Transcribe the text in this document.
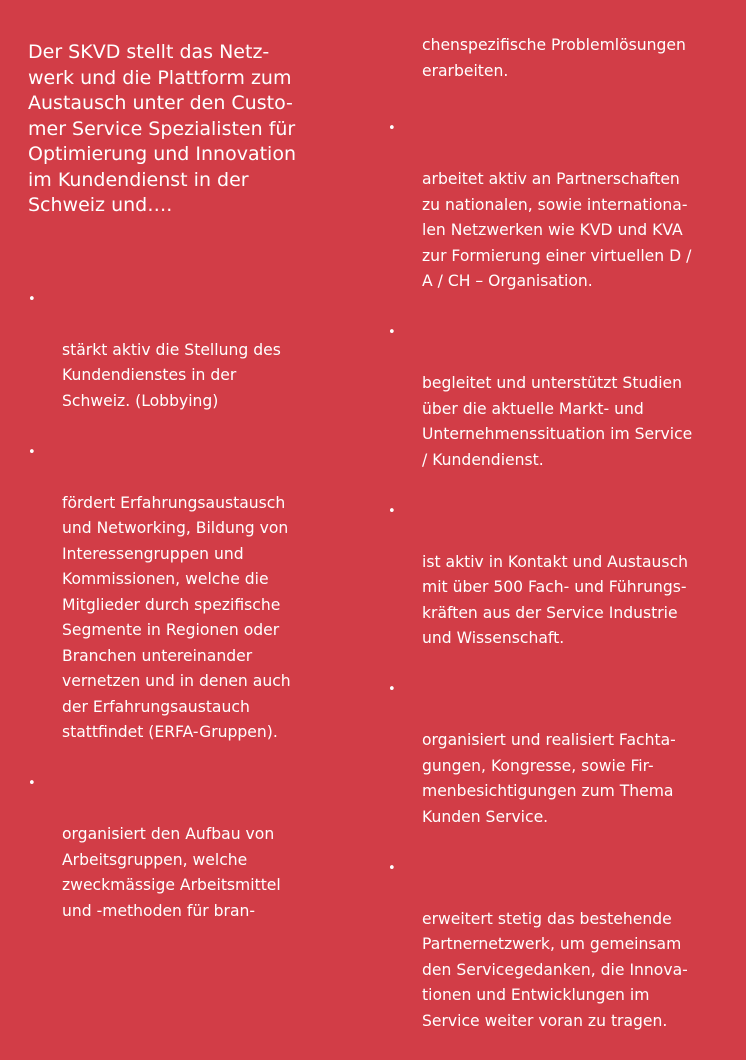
Der SKVD stellt das Netz-
werk und die Plattform zum
Austausch unter den Custo-
mer Service Spezialisten für
Optimierung und Innovation
im Kundendienst in der
Schweiz und….

•

stärkt aktiv die Stellung des
Kundendienstes in der
Schweiz. (Lobbying)

•

fördert Erfahrungsaustausch
und Networking, Bildung von
Interessengruppen und
Kommissionen, welche die
Mitglieder durch spezifische
Segmente in Regionen oder
Branchen untereinander
vernetzen und in denen auch
der Erfahrungsaustauch
stattfindet (ERFA-Gruppen).

•

organisiert den Aufbau von
Arbeitsgruppen, welche
zweckmässige Arbeitsmittel
und -methoden für bran-

chenspezifische Problemlösungen
erarbeiten.

•

arbeitet aktiv an Partnerschaften
zu nationalen, sowie internationa-
len Netzwerken wie KVD und KVA
zur Formierung einer virtuellen D /
A / CH – Organisation.

•

begleitet und unterstützt Studien
über die aktuelle Markt- und
Unternehmenssituation im Service
/ Kundendienst.

•

ist aktiv in Kontakt und Austausch
mit über 500 Fach- und Führungs-
kräften aus der Service Industrie
und Wissenschaft.

•

organisiert und realisiert Fachta-
gungen, Kongresse, sowie Fir-
menbesichtigungen zum Thema
Kunden Service.

•

erweitert stetig das bestehende
Partnernetzwerk, um gemeinsam
den Servicegedanken, die Innova-
tionen und Entwicklungen im
Service weiter voran zu tragen.
